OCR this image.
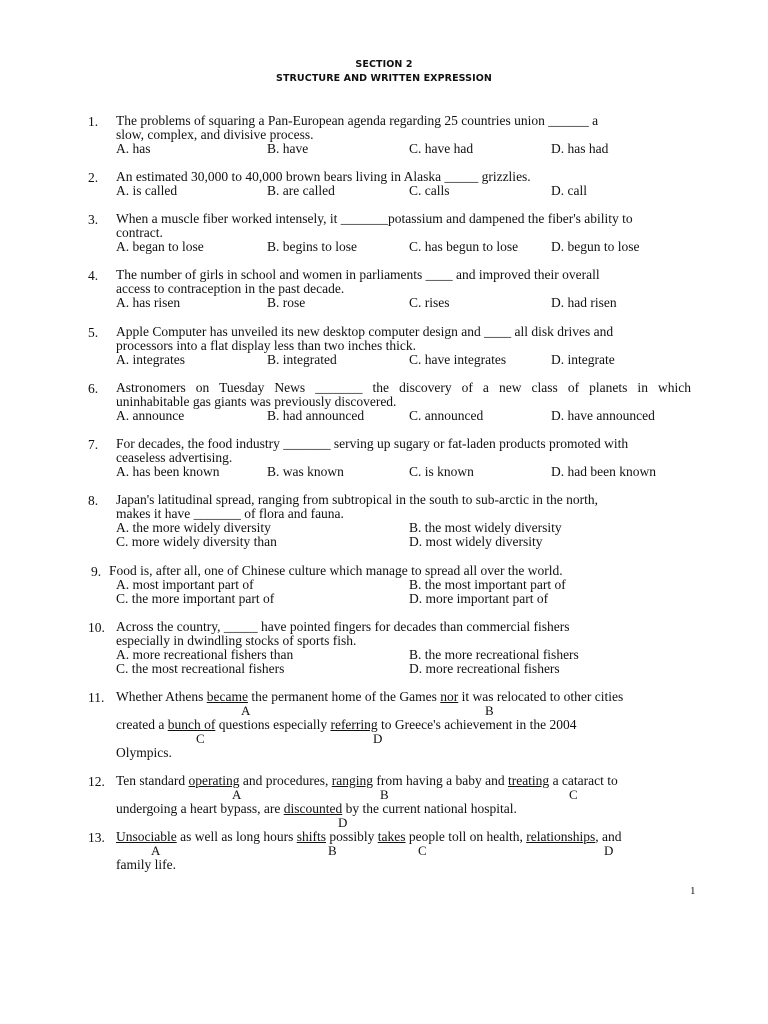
SECTION 2
STRUCTURE AND WRITTEN EXPRESSION
1. The problems of squaring a Pan-European agenda regarding 25 countries union ______ a
slow, complex, and divisive process.
A. has	B. have	C. have had	D. has had
2. An estimated 30,000 to 40,000 brown bears living in Alaska _____ grizzlies.
A. is called	B. are called	C. calls	D. call
3. When a muscle fiber worked intensely, it _______potassium and dampened the fiber's ability to
contract.
A. began to lose	B. begins to lose	C. has begun to lose D. begun to lose
4. The number of girls in school and women in parliaments ____ and improved their overall
access to contraception in the past decade.
A. has risen	B. rose	C. rises	D. had risen
5. Apple Computer has unveiled its new desktop computer design and ____ all disk drives and
processors into a flat display less than two inches thick.
A. integrates	B. integrated	C. have integrates	D. integrate
6. Astronomers on Tuesday News _______ the discovery of a new class of planets in which
uninhabitable gas giants was previously discovered.
A. announce	B. had announced	C. announced	D. have announced
7. For decades, the food industry _______ serving up sugary or fat-laden products promoted with
ceaseless advertising.
A. has been known	B. was known	C. is known	D. had been known
8. Japan's latitudinal spread, ranging from subtropical in the south to sub-arctic in the north,
makes it have _______ of flora and fauna.
A. the more widely diversity	B. the most widely diversity
C. more widely diversity than	D. most widely diversity
9. Food is, after all, one of Chinese culture which manage to spread all over the world.
A. most important part of	B. the most important part of
C. the more important part of	D. more important part of
10. Across the country, _____ have pointed fingers for decades than commercial fishers
especially in dwindling stocks of sports fish.
A. more recreational fishers than	B. the more recreational fishers
C. the most recreational fishers	D. more recreational fishers
11. Whether Athens became the permanent home of the Games nor it was relocated to other cities
A	B
created a bunch of questions especially referring to Greece's achievement in the 2004
C	D
Olympics.
12. Ten standard operating and procedures, ranging from having a baby and treating a cataract to
A	B	C
undergoing a heart bypass, are discounted by the current national hospital.
D
13. Unsociable as well as long hours shifts possibly takes people toll on health, relationships, and
A	B	C	D
family life.
1
